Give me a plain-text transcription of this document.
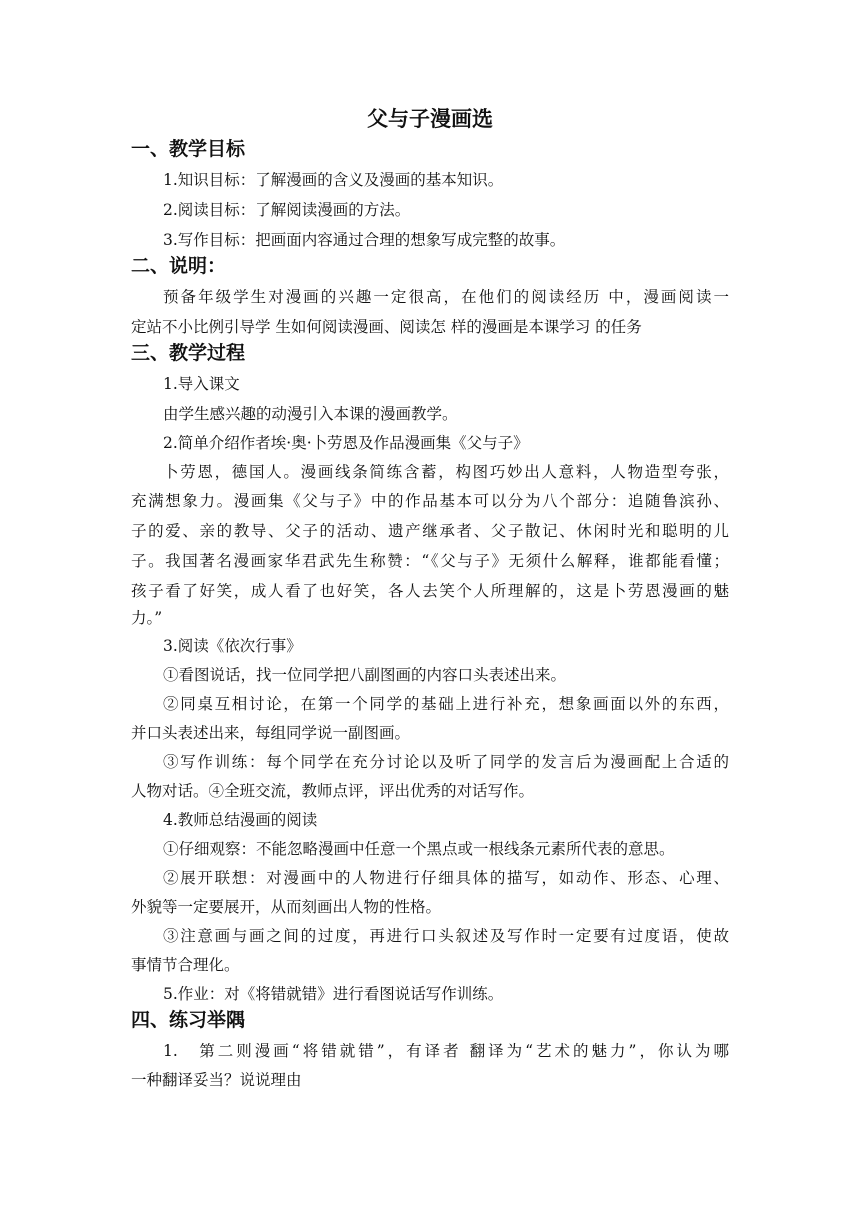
父与子漫画选
一、教学目标
1.知识目标：了解漫画的含义及漫画的基本知识。
2.阅读目标：了解阅读漫画的方法。
3.写作目标：把画面内容通过合理的想象写成完整的故事。
二、说明：
预备年级学生对漫画的兴趣一定很高，在他们的阅读经历 中，漫画阅读一
定站不小比例引导学 生如何阅读漫画、阅读怎 样的漫画是本课学习 的任务
三、教学过程
1.导入课文
由学生感兴趣的动漫引入本课的漫画教学。
2.简单介绍作者埃·奥·卜劳恩及作品漫画集《父与子》
卜劳恩，德国人。漫画线条简练含蓄，构图巧妙出人意料，人物造型夸张，
充满想象力。漫画集《父与子》中的作品基本可以分为八个部分：追随鲁滨孙、
子的爱、亲的教导、父子的活动、遗产继承者、父子散记、休闲时光和聪明的儿
子。我国著名漫画家华君武先生称赞：“《父与子》无须什么解释，谁都能看懂；
孩子看了好笑，成人看了也好笑，各人去笑个人所理解的，这是卜劳恩漫画的魅
力。”
3.阅读《依次行事》
①看图说话，找一位同学把八副图画的内容口头表述出来。
②同桌互相讨论，在第一个同学的基础上进行补充，想象画面以外的东西，
并口头表述出来，每组同学说一副图画。
③写作训练：每个同学在充分讨论以及听了同学的发言后为漫画配上合适的
人物对话。④全班交流，教师点评，评出优秀的对话写作。
4.教师总结漫画的阅读
①仔细观察：不能忽略漫画中任意一个黑点或一根线条元素所代表的意思。
②展开联想：对漫画中的人物进行仔细具体的描写，如动作、形态、心理、
外貌等一定要展开，从而刻画出人物的性格。
③注意画与画之间的过度，再进行口头叙述及写作时一定要有过度语，使故
事情节合理化。
5.作业：对《将错就错》进行看图说话写作训练。
四、练习举隅
1.　第二则漫画“将错就错”，有译者 翻译为“艺术的魅力”，你认为哪
一种翻译妥当？说说理由
